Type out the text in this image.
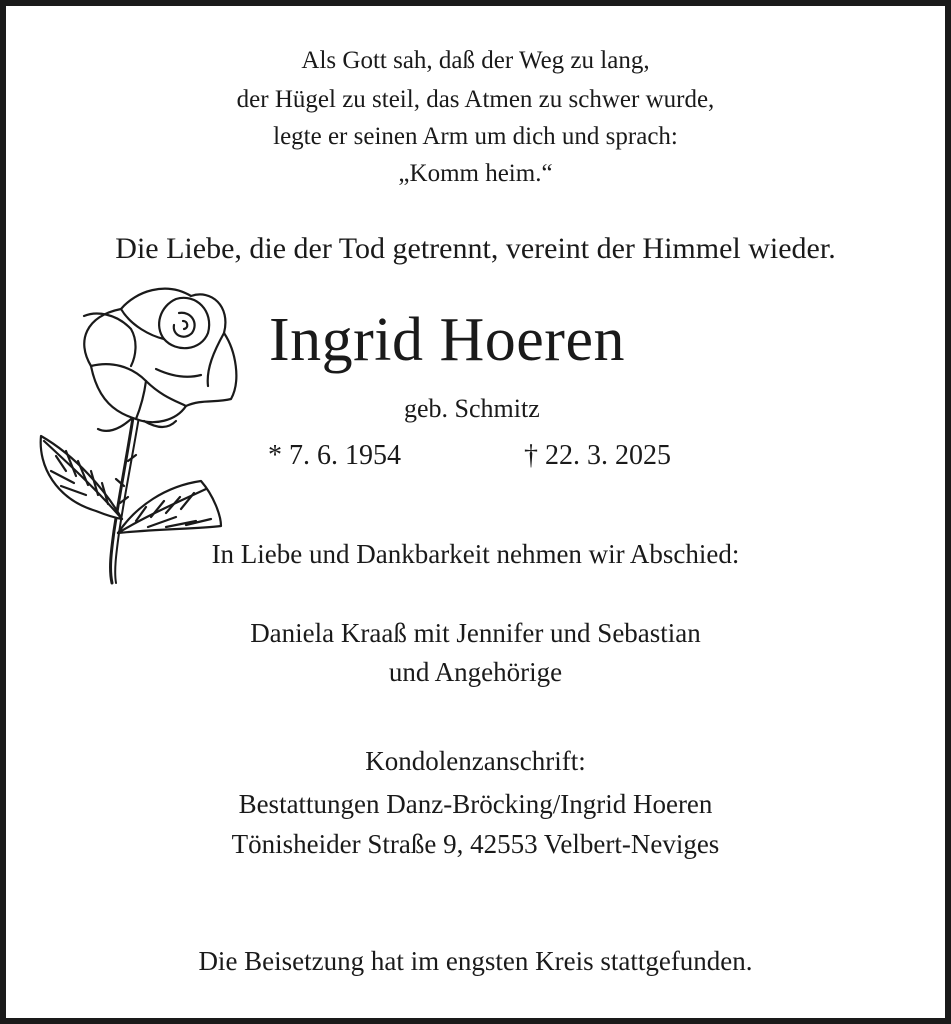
Als Gott sah, daß der Weg zu lang,
der Hügel zu steil, das Atmen zu schwer wurde,
legte er seinen Arm um dich und sprach:
„Komm heim.“
Die Liebe, die der Tod getrennt, vereint der Himmel wieder.
Ingrid Hoeren
geb. Schmitz
* 7. 6. 1954	† 22. 3. 2025
In Liebe und Dankbarkeit nehmen wir Abschied:
Daniela Kraaß mit Jennifer und Sebastian
und Angehörige
Kondolenzanschrift:
Bestattungen Danz-Bröcking/Ingrid Hoeren
Tönisheider Straße 9, 42553 Velbert-Neviges
Die Beisetzung hat im engsten Kreis stattgefunden.
